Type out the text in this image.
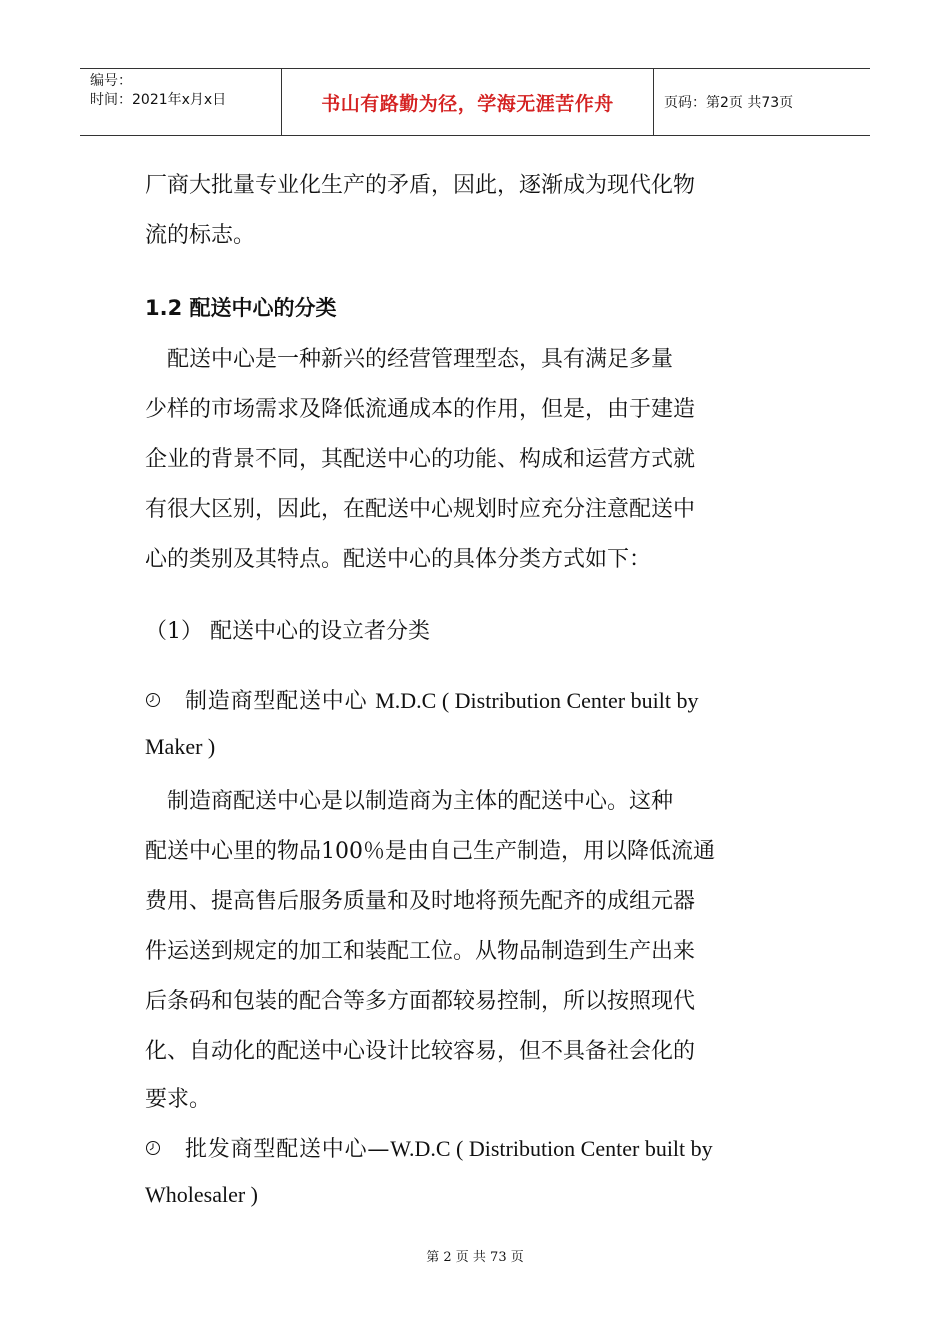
编号：
时间：2021年x月x日	书山有路勤为径，学海无涯苦作舟	页码：第2页 共73页
厂商大批量专业化生产的矛盾，因此，逐渐成为现代化物
流的标志。
1.2 配送中心的分类
　配送中心是一种新兴的经营管理型态，具有满足多量
少样的市场需求及降低流通成本的作用，但是，由于建造
企业的背景不同，其配送中心的功能、构成和运营方式就
有很大区别，因此，在配送中心规划时应充分注意配送中
心的类别及其特点。配送中心的具体分类方式如下：
（1） 配送中心的设立者分类
制造商型配送中心 M.D.C ( Distribution Center built by
Maker )
　制造商配送中心是以制造商为主体的配送中心。这种
配送中心里的物品100％是由自己生产制造，用以降低流通
费用、提高售后服务质量和及时地将预先配齐的成组元器
件运送到规定的加工和装配工位。从物品制造到生产出来
后条码和包装的配合等多方面都较易控制，所以按照现代
化、自动化的配送中心设计比较容易，但不具备社会化的
要求。
批发商型配送中心—W.D.C ( Distribution Center built by
Wholesaler )
第 2 页 共 73 页
